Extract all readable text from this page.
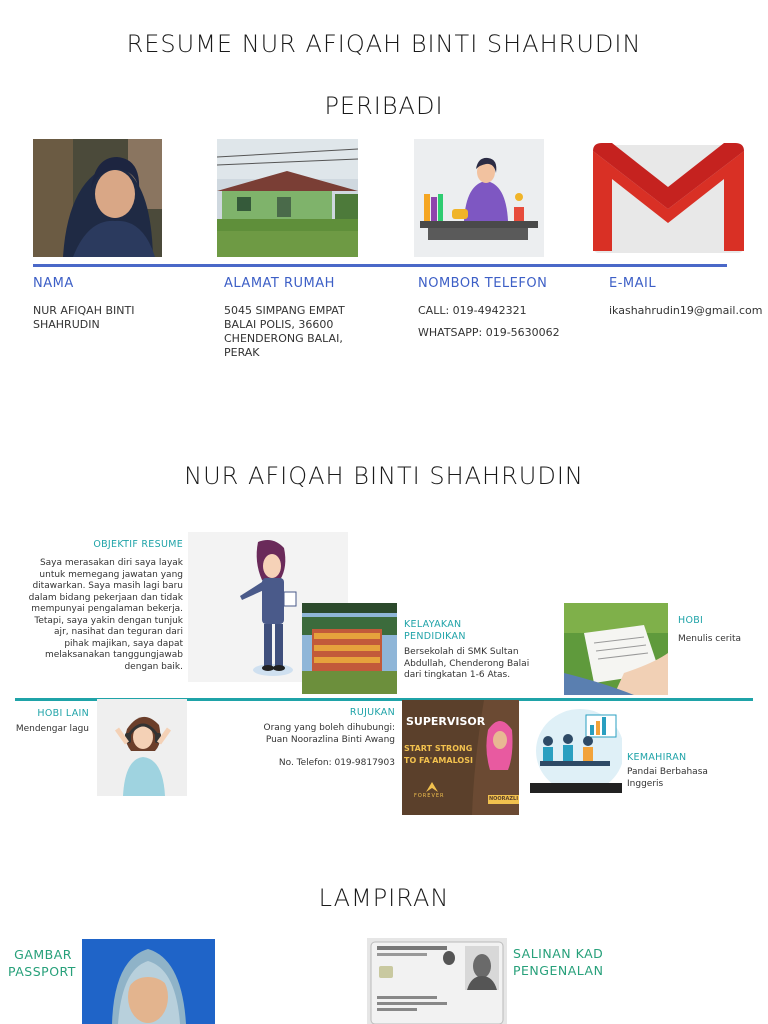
RESUME NUR AFIQAH BINTI SHAHRUDIN
PERIBADI
NAMA
NUR AFIQAH BINTI SHAHRUDIN
ALAMAT RUMAH
5045 SIMPANG EMPAT BALAI POLIS, 36600 CHENDERONG BALAI, PERAK
NOMBOR TELEFON
CALL: 019-4942321
WHATSAPP: 019-5630062
E-MAIL
ikashahrudin19@gmail.com
NUR AFIQAH BINTI SHAHRUDIN
OBJEKTIF RESUME
Saya merasakan diri saya layak untuk memegang jawatan yang ditawarkan. Saya masih lagi baru dalam bidang pekerjaan dan tidak mempunyai pengalaman bekerja. Tetapi, saya yakin dengan tunjuk ajr, nasihat dan teguran dari pihak majikan, saya dapat melaksanakan tanggungjawab dengan baik.
KELAYAKAN PENDIDIKAN
Bersekolah di SMK Sultan Abdullah, Chenderong Balai dari tingkatan 1-6 Atas.
HOBI
Menulis cerita
HOBI LAIN
Mendengar lagu
RUJUKAN
Orang yang boleh dihubungi: Puan Noorazlina Binti Awang
No. Telefon: 019-9817903
SUPERVISOR
START STRONG
TO FA'AMALOSI
FOREVER	NOORAZLI
KEMAHIRAN
Pandai Berbahasa Inggeris
LAMPIRAN
GAMBAR PASSPORT
SALINAN KAD PENGENALAN
